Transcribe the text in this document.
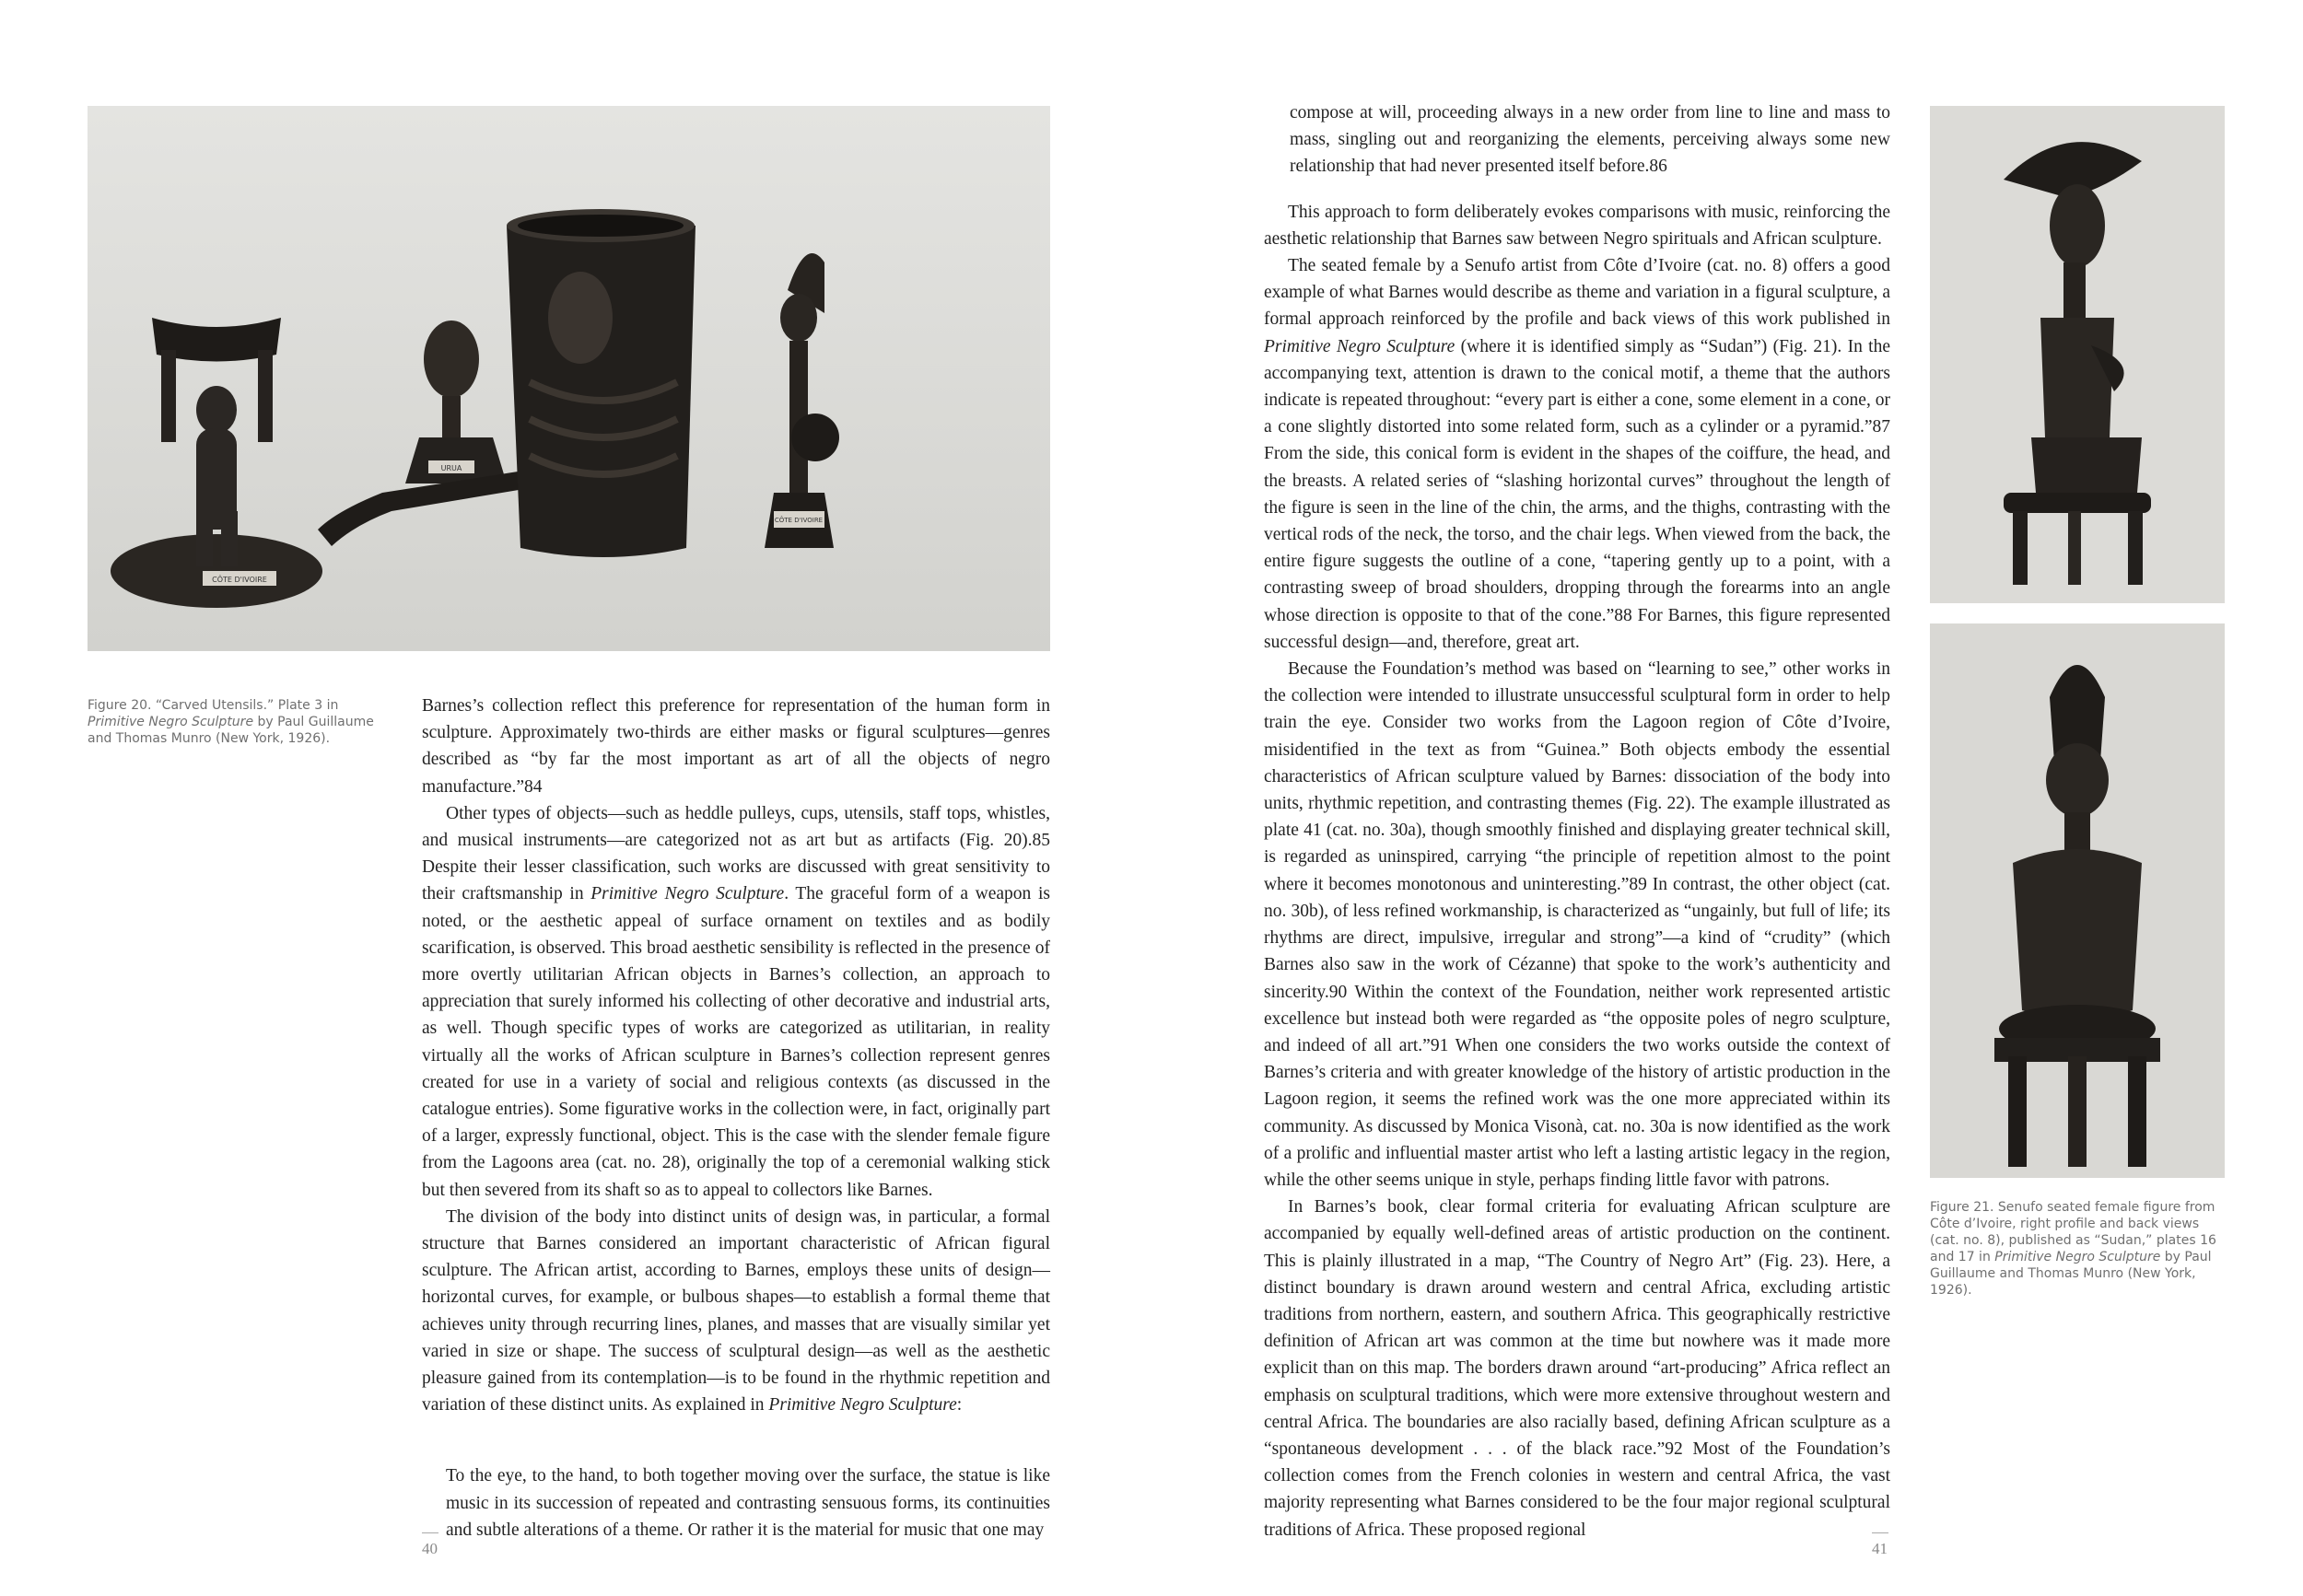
CÔTE D'IVOIRE
URUA
CÔTE D'IVOIRE
Figure 20. “Carved Utensils.” Plate 3 in Primitive Negro Sculpture by Paul Guillaume and Thomas Munro (New York, 1926).

Barnes’s collection reflect this preference for representation of the human form in sculpture. Approximately two-thirds are either masks or figural sculptures—genres described as “by far the most important as art of all the objects of negro manufacture.”84

Other types of objects—such as heddle pulleys, cups, utensils, staff tops, whistles, and musical instruments—are categorized not as art but as artifacts (Fig. 20).85 Despite their lesser classification, such works are discussed with great sensitivity to their craftsmanship in Primitive Negro Sculpture. The graceful form of a weapon is noted, or the aesthetic appeal of surface ornament on textiles and as bodily scarification, is observed. This broad aesthetic sensibility is reflected in the presence of more overtly utilitarian African objects in Barnes’s collection, an approach to appreciation that surely informed his collecting of other decorative and industrial arts, as well. Though specific types of works are categorized as utilitarian, in reality virtually all the works of African sculpture in Barnes’s collection represent genres created for use in a variety of social and religious contexts (as discussed in the catalogue entries). Some figurative works in the collection were, in fact, originally part of a larger, expressly functional, object. This is the case with the slender female figure from the Lagoons area (cat. no. 28), originally the top of a ceremonial walking stick but then severed from its shaft so as to appeal to collectors like Barnes.

The division of the body into distinct units of design was, in particular, a formal structure that Barnes considered an important characteristic of African figural sculpture. The African artist, according to Barnes, employs these units of design—horizontal curves, for example, or bulbous shapes—to establish a formal theme that achieves unity through recurring lines, planes, and masses that are visually similar yet varied in size or shape. The success of sculptural design—as well as the aesthetic pleasure gained from its contemplation—is to be found in the rhythmic repetition and variation of these distinct units. As explained in Primitive Negro Sculpture:

To the eye, to the hand, to both together moving over the surface, the statue is like music in its succession of repeated and contrasting sensuous forms, its continuities and subtle alterations of a theme. Or rather it is the material for music that one may

40

compose at will, proceeding always in a new order from line to line and mass to mass, singling out and reorganizing the elements, perceiving always some new relationship that had never presented itself before.86

This approach to form deliberately evokes comparisons with music, reinforcing the aesthetic relationship that Barnes saw between Negro spirituals and African sculpture.

The seated female by a Senufo artist from Côte d’Ivoire (cat. no. 8) offers a good example of what Barnes would describe as theme and variation in a figural sculpture, a formal approach reinforced by the profile and back views of this work published in Primitive Negro Sculpture (where it is identified simply as “Sudan”) (Fig. 21). In the accompanying text, attention is drawn to the conical motif, a theme that the authors indicate is repeated throughout: “every part is either a cone, some element in a cone, or a cone slightly distorted into some related form, such as a cylinder or a pyramid.”87 From the side, this conical form is evident in the shapes of the coiffure, the head, and the breasts. A related series of “slashing horizontal curves” throughout the length of the figure is seen in the line of the chin, the arms, and the thighs, contrasting with the vertical rods of the neck, the torso, and the chair legs. When viewed from the back, the entire figure suggests the outline of a cone, “tapering gently up to a point, with a contrasting sweep of broad shoulders, dropping through the forearms into an angle whose direction is opposite to that of the cone.”88 For Barnes, this figure represented successful design—and, therefore, great art.

Because the Foundation’s method was based on “learning to see,” other works in the collection were intended to illustrate unsuccessful sculptural form in order to help train the eye. Consider two works from the Lagoon region of Côte d’Ivoire, misidentified in the text as from “Guinea.” Both objects embody the essential characteristics of African sculpture valued by Barnes: dissociation of the body into units, rhythmic repetition, and contrasting themes (Fig. 22). The example illustrated as plate 41 (cat. no. 30a), though smoothly finished and displaying greater technical skill, is regarded as uninspired, carrying “the principle of repetition almost to the point where it becomes monotonous and uninteresting.”89 In contrast, the other object (cat. no. 30b), of less refined workmanship, is characterized as “ungainly, but full of life; its rhythms are direct, impulsive, irregular and strong”—a kind of “crudity” (which Barnes also saw in the work of Cézanne) that spoke to the work’s authenticity and sincerity.90 Within the context of the Foundation, neither work represented artistic excellence but instead both were regarded as “the opposite poles of negro sculpture, and indeed of all art.”91 When one considers the two works outside the context of Barnes’s criteria and with greater knowledge of the history of artistic production in the Lagoon region, it seems the refined work was the one more appreciated within its community. As discussed by Monica Visonà, cat. no. 30a is now identified as the work of a prolific and influential master artist who left a lasting artistic legacy in the region, while the other seems unique in style, perhaps finding little favor with patrons.

In Barnes’s book, clear formal criteria for evaluating African sculpture are accompanied by equally well-defined areas of artistic production on the continent. This is plainly illustrated in a map, “The Country of Negro Art” (Fig. 23). Here, a distinct boundary is drawn around western and central Africa, excluding artistic traditions from northern, eastern, and southern Africa. This geographically restrictive definition of African art was common at the time but nowhere was it made more explicit than on this map. The borders drawn around “art-producing” Africa reflect an emphasis on sculptural traditions, which were more extensive throughout western and central Africa. The boundaries are also racially based, defining African sculpture as a “spontaneous development . . . of the black race.”92 Most of the Foundation’s collection comes from the French colonies in western and central Africa, the vast majority representing what Barnes considered to be the four major regional sculptural traditions of Africa. These proposed regional

Figure 21. Senufo seated female figure from Côte d’Ivoire, right profile and back views (cat. no. 8), published as “Sudan,” plates 16 and 17 in Primitive Negro Sculpture by Paul Guillaume and Thomas Munro (New York, 1926).
41
